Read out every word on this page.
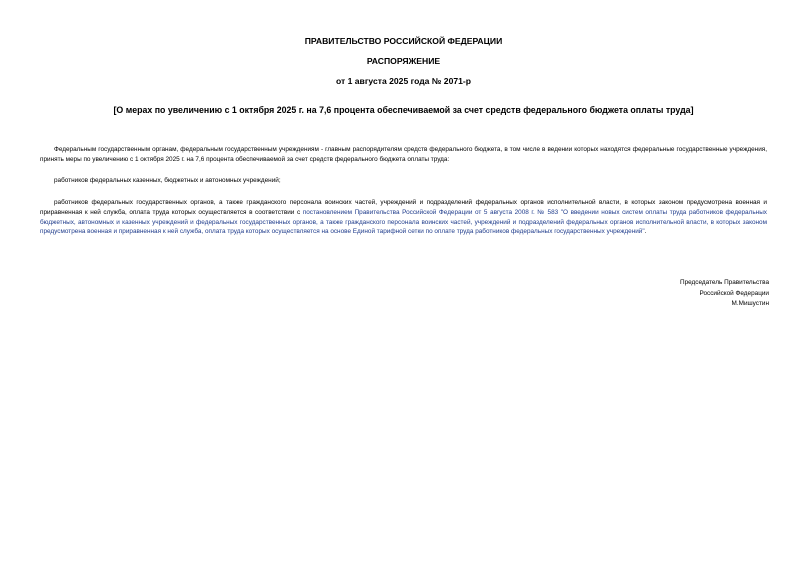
ПРАВИТЕЛЬСТВО РОССИЙСКОЙ ФЕДЕРАЦИИ
РАСПОРЯЖЕНИЕ
от 1 августа 2025 года № 2071-р
[О мерах по увеличению с 1 октября 2025 г. на 7,6 процента обеспечиваемой за счет средств федерального бюджета оплаты труда]
Федеральным государственным органам, федеральным государственным учреждениям - главным распорядителям средств федерального бюджета, в том числе в ведении которых находятся федеральные государственные учреждения, принять меры по увеличению с 1 октября 2025 г. на 7,6 процента обеспечиваемой за счет средств федерального бюджета оплаты труда:
работников федеральных казенных, бюджетных и автономных учреждений;
работников федеральных государственных органов, а также гражданского персонала воинских частей, учреждений и подразделений федеральных органов исполнительной власти, в которых законом предусмотрена военная и приравненная к ней служба, оплата труда которых осуществляется в соответствии с постановлением Правительства Российской Федерации от 5 августа 2008 г. № 583 "О введении новых систем оплаты труда работников федеральных бюджетных, автономных и казенных учреждений и федеральных государственных органов, а также гражданского персонала воинских частей, учреждений и подразделений федеральных органов исполнительной власти, в которых законом предусмотрена военная и приравненная к ней служба, оплата труда которых осуществляется на основе Единой тарифной сетки по оплате труда работников федеральных государственных учреждений".
Председатель Правительства
Российской Федерации
М.Мишустин
